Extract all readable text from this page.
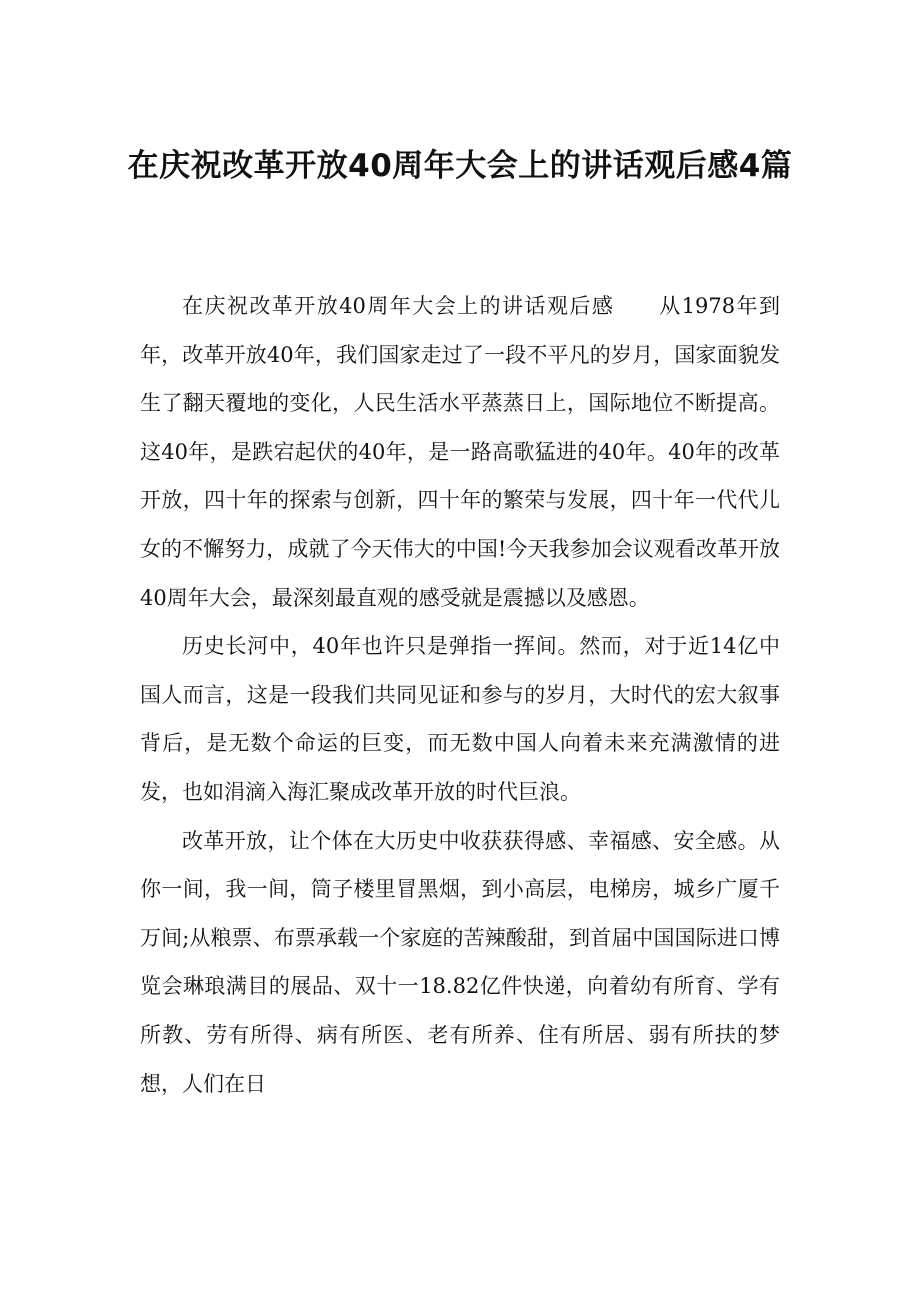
在庆祝改革开放40周年大会上的讲话观后感4篇

在庆祝改革开放40周年大会上的讲话观后感　　从1978年到年，改革开放40年，我们国家走过了一段不平凡的岁月，国家面貌发生了翻天覆地的变化，人民生活水平蒸蒸日上，国际地位不断提高。这40年，是跌宕起伏的40年，是一路高歌猛进的40年。40年的改革开放，四十年的探索与创新，四十年的繁荣与发展，四十年一代代儿女的不懈努力，成就了今天伟大的中国!今天我参加会议观看改革开放40周年大会，最深刻最直观的感受就是震撼以及感恩。

历史长河中，40年也许只是弹指一挥间。然而，对于近14亿中国人而言，这是一段我们共同见证和参与的岁月，大时代的宏大叙事背后，是无数个命运的巨变，而无数中国人向着未来充满激情的进发，也如涓滴入海汇聚成改革开放的时代巨浪。

改革开放，让个体在大历史中收获获得感、幸福感、安全感。从你一间，我一间，筒子楼里冒黑烟，到小高层，电梯房，城乡广厦千万间;从粮票、布票承载一个家庭的苦辣酸甜，到首届中国国际进口博览会琳琅满目的展品、双十一18.82亿件快递，向着幼有所育、学有所教、劳有所得、病有所医、老有所养、住有所居、弱有所扶的梦想，人们在日
